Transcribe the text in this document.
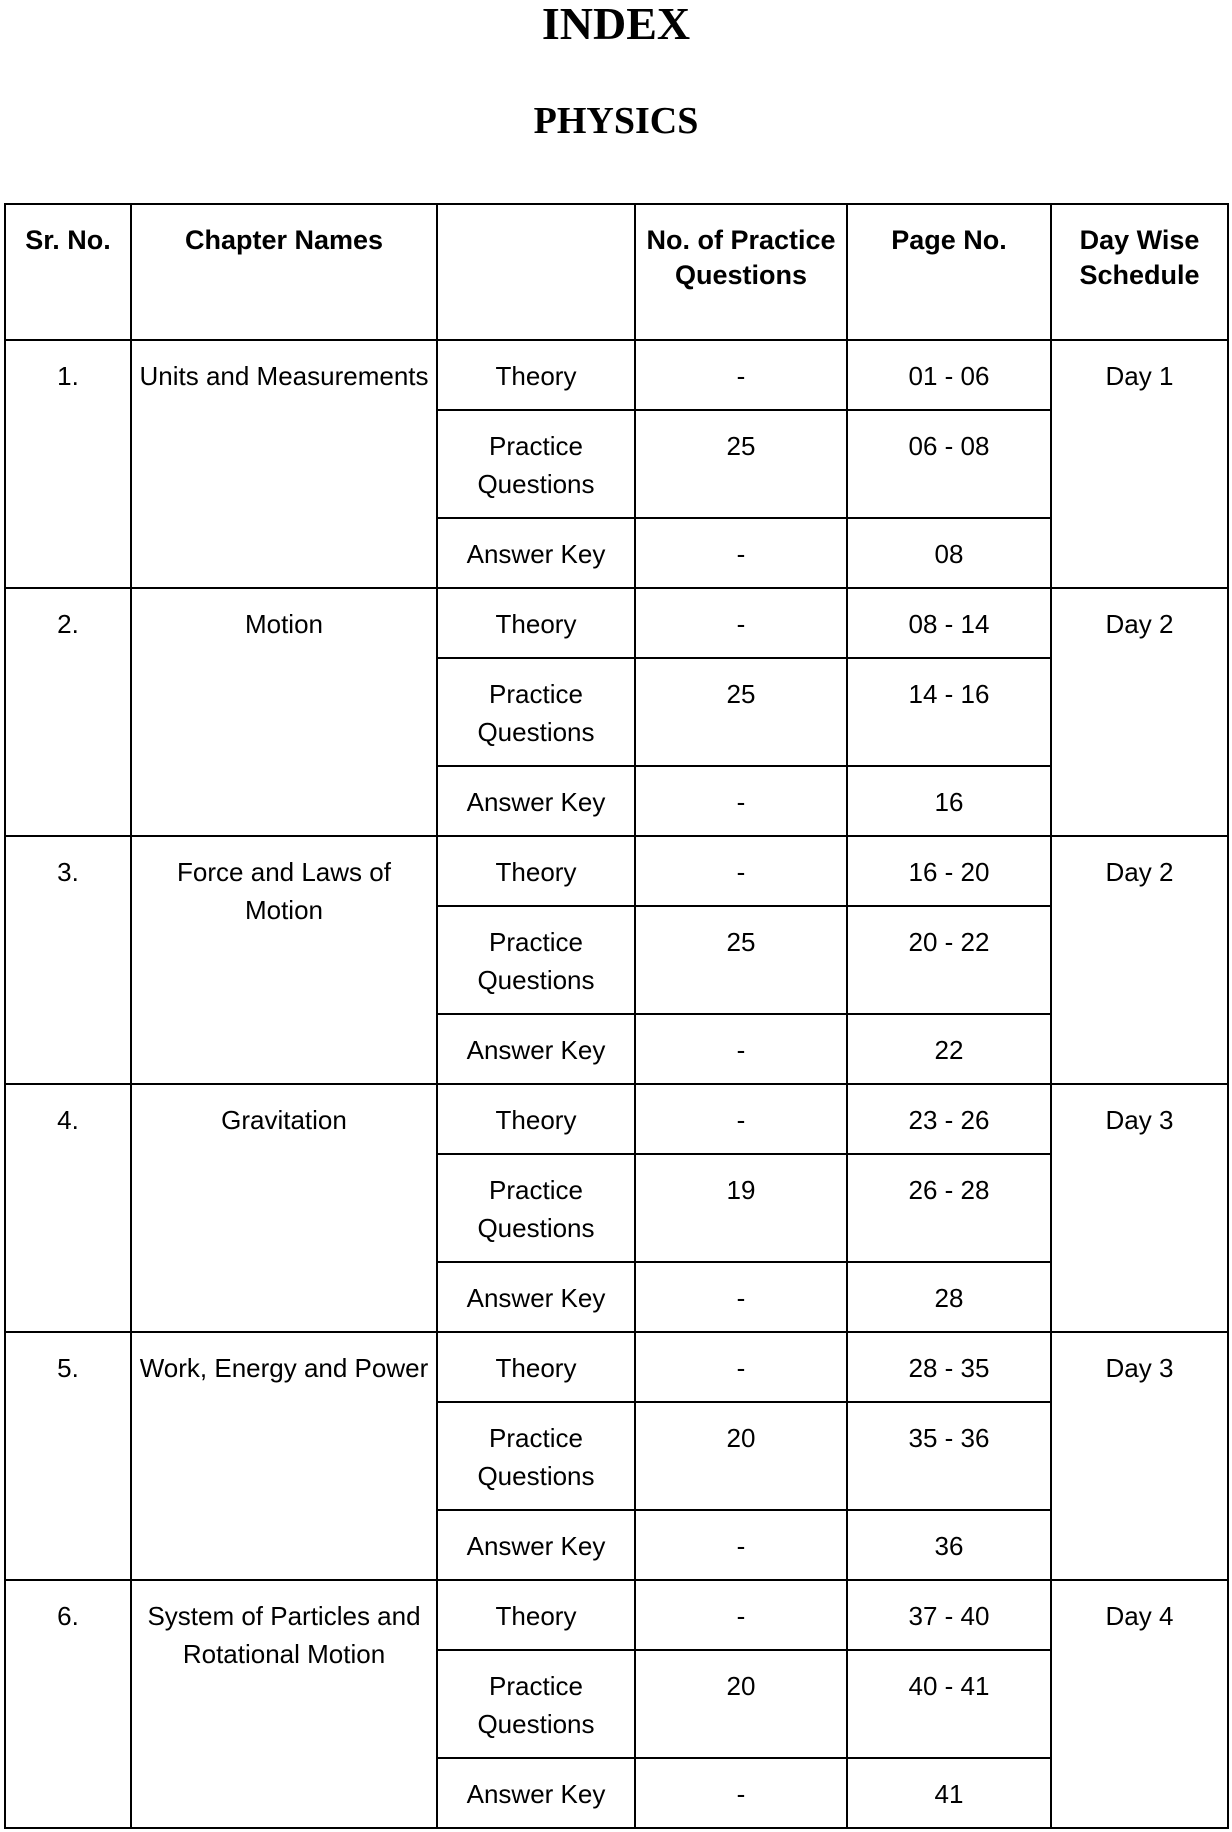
INDEX
PHYSICS
Sr. No.	Chapter Names		No. of Practice Questions	Page No.	Day Wise Schedule
1.	Units and Measurements	Theory	-	01 - 06	Day 1
		Practice Questions	25	06 - 08	
		Answer Key	-	08	
2.	Motion	Theory	-	08 - 14	Day 2
		Practice Questions	25	14 - 16	
		Answer Key	-	16	
3.	Force and Laws of Motion	Theory	-	16 - 20	Day 2
		Practice Questions	25	20 - 22	
		Answer Key	-	22	
4.	Gravitation	Theory	-	23 - 26	Day 3
		Practice Questions	19	26 - 28	
		Answer Key	-	28	
5.	Work, Energy and Power	Theory	-	28 - 35	Day 3
		Practice Questions	20	35 - 36	
		Answer Key	-	36	
6.	System of Particles and Rotational Motion	Theory	-	37 - 40	Day 4
		Practice Questions	20	40 - 41	
		Answer Key	-	41	
